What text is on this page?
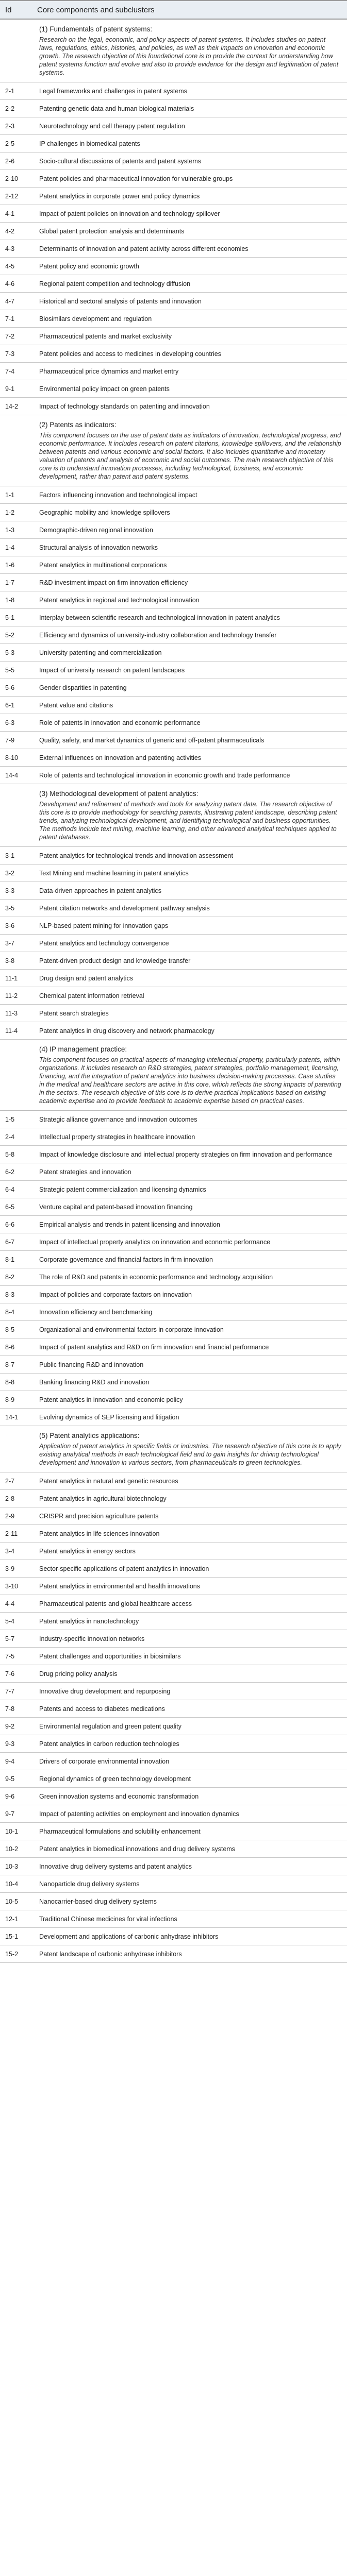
Id	Core components and subclusters
(1) Fundamentals of patent systems:
Research on the legal, economic, and policy aspects of patent systems. It includes studies on patent laws, regulations, ethics, histories, and policies, as well as their impacts on innovation and economic growth. The research objective of this foundational core is to provide the context for understanding how patent systems function and evolve and also to provide evidence for the design and legitimation of patent systems.
2-1	Legal frameworks and challenges in patent systems
2-2	Patenting genetic data and human biological materials
2-3	Neurotechnology and cell therapy patent regulation
2-5	IP challenges in biomedical patents
2-6	Socio-cultural discussions of patents and patent systems
2-10	Patent policies and pharmaceutical innovation for vulnerable groups
2-12	Patent analytics in corporate power and policy dynamics
4-1	Impact of patent policies on innovation and technology spillover
4-2	Global patent protection analysis and determinants
4-3	Determinants of innovation and patent activity across different economies
4-5	Patent policy and economic growth
4-6	Regional patent competition and technology diffusion
4-7	Historical and sectoral analysis of patents and innovation
7-1	Biosimilars development and regulation
7-2	Pharmaceutical patents and market exclusivity
7-3	Patent policies and access to medicines in developing countries
7-4	Pharmaceutical price dynamics and market entry
9-1	Environmental policy impact on green patents
14-2	Impact of technology standards on patenting and innovation
(2) Patents as indicators:
This component focuses on the use of patent data as indicators of innovation, technological progress, and economic performance. It includes research on patent citations, knowledge spillovers, and the relationship between patents and various economic and social factors. It also includes quantitative and monetary valuation of patents and analysis of economic and social outcomes. The main research objective of this core is to understand innovation processes, including technological, business, and economic development, rather than patent and patent systems.
1-1	Factors influencing innovation and technological impact
1-2	Geographic mobility and knowledge spillovers
1-3	Demographic-driven regional innovation
1-4	Structural analysis of innovation networks
1-6	Patent analytics in multinational corporations
1-7	R&D investment impact on firm innovation efficiency
1-8	Patent analytics in regional and technological innovation
5-1	Interplay between scientific research and technological innovation in patent analytics
5-2	Efficiency and dynamics of university-industry collaboration and technology transfer
5-3	University patenting and commercialization
5-5	Impact of university research on patent landscapes
5-6	Gender disparities in patenting
6-1	Patent value and citations
6-3	Role of patents in innovation and economic performance
7-9	Quality, safety, and market dynamics of generic and off-patent pharmaceuticals
8-10	External influences on innovation and patenting activities
14-4	Role of patents and technological innovation in economic growth and trade performance
(3) Methodological development of patent analytics:
Development and refinement of methods and tools for analyzing patent data. The research objective of this core is to provide methodology for searching patents, illustrating patent landscape, describing patent trends, analyzing technological development, and identifying technological and business opportunities. The methods include text mining, machine learning, and other advanced analytical techniques applied to patent databases.
3-1	Patent analytics for technological trends and innovation assessment
3-2	Text Mining and machine learning in patent analytics
3-3	Data-driven approaches in patent analytics
3-5	Patent citation networks and development pathway analysis
3-6	NLP-based patent mining for innovation gaps
3-7	Patent analytics and technology convergence
3-8	Patent-driven product design and knowledge transfer
11-1	Drug design and patent analytics
11-2	Chemical patent information retrieval
11-3	Patent search strategies
11-4	Patent analytics in drug discovery and network pharmacology
(4) IP management practice:
This component focuses on practical aspects of managing intellectual property, particularly patents, within organizations. It includes research on R&D strategies, patent strategies, portfolio management, licensing, financing, and the integration of patent analytics into business decision-making processes. Case studies in the medical and healthcare sectors are active in this core, which reflects the strong impacts of patenting in the sectors. The research objective of this core is to derive practical implications based on existing academic expertise and to provide feedback to academic expertise based on practical cases.
1-5	Strategic alliance governance and innovation outcomes
2-4	Intellectual property strategies in healthcare innovation
5-8	Impact of knowledge disclosure and intellectual property strategies on firm innovation and performance
6-2	Patent strategies and innovation
6-4	Strategic patent commercialization and licensing dynamics
6-5	Venture capital and patent-based innovation financing
6-6	Empirical analysis and trends in patent licensing and innovation
6-7	Impact of intellectual property analytics on innovation and economic performance
8-1	Corporate governance and financial factors in firm innovation
8-2	The role of R&D and patents in economic performance and technology acquisition
8-3	Impact of policies and corporate factors on innovation
8-4	Innovation efficiency and benchmarking
8-5	Organizational and environmental factors in corporate innovation
8-6	Impact of patent analytics and R&D on firm innovation and financial performance
8-7	Public financing R&D and innovation
8-8	Banking financing R&D and innovation
8-9	Patent analytics in innovation and economic policy
14-1	Evolving dynamics of SEP licensing and litigation
(5) Patent analytics applications:
Application of patent analytics in specific fields or industries. The research objective of this core is to apply existing analytical methods in each technological field and to gain insights for driving technological development and innovation in various sectors, from pharmaceuticals to green technologies.
2-7	Patent analytics in natural and genetic resources
2-8	Patent analytics in agricultural biotechnology
2-9	CRISPR and precision agriculture patents
2-11	Patent analytics in life sciences innovation
3-4	Patent analytics in energy sectors
3-9	Sector-specific applications of patent analytics in innovation
3-10	Patent analytics in environmental and health innovations
4-4	Pharmaceutical patents and global healthcare access
5-4	Patent analytics in nanotechnology
5-7	Industry-specific innovation networks
7-5	Patent challenges and opportunities in biosimilars
7-6	Drug pricing policy analysis
7-7	Innovative drug development and repurposing
7-8	Patents and access to diabetes medications
9-2	Environmental regulation and green patent quality
9-3	Patent analytics in carbon reduction technologies
9-4	Drivers of corporate environmental innovation
9-5	Regional dynamics of green technology development
9-6	Green innovation systems and economic transformation
9-7	Impact of patenting activities on employment and innovation dynamics
10-1	Pharmaceutical formulations and solubility enhancement
10-2	Patent analytics in biomedical innovations and drug delivery systems
10-3	Innovative drug delivery systems and patent analytics
10-4	Nanoparticle drug delivery systems
10-5	Nanocarrier-based drug delivery systems
12-1	Traditional Chinese medicines for viral infections
15-1	Development and applications of carbonic anhydrase inhibitors
15-2	Patent landscape of carbonic anhydrase inhibitors
